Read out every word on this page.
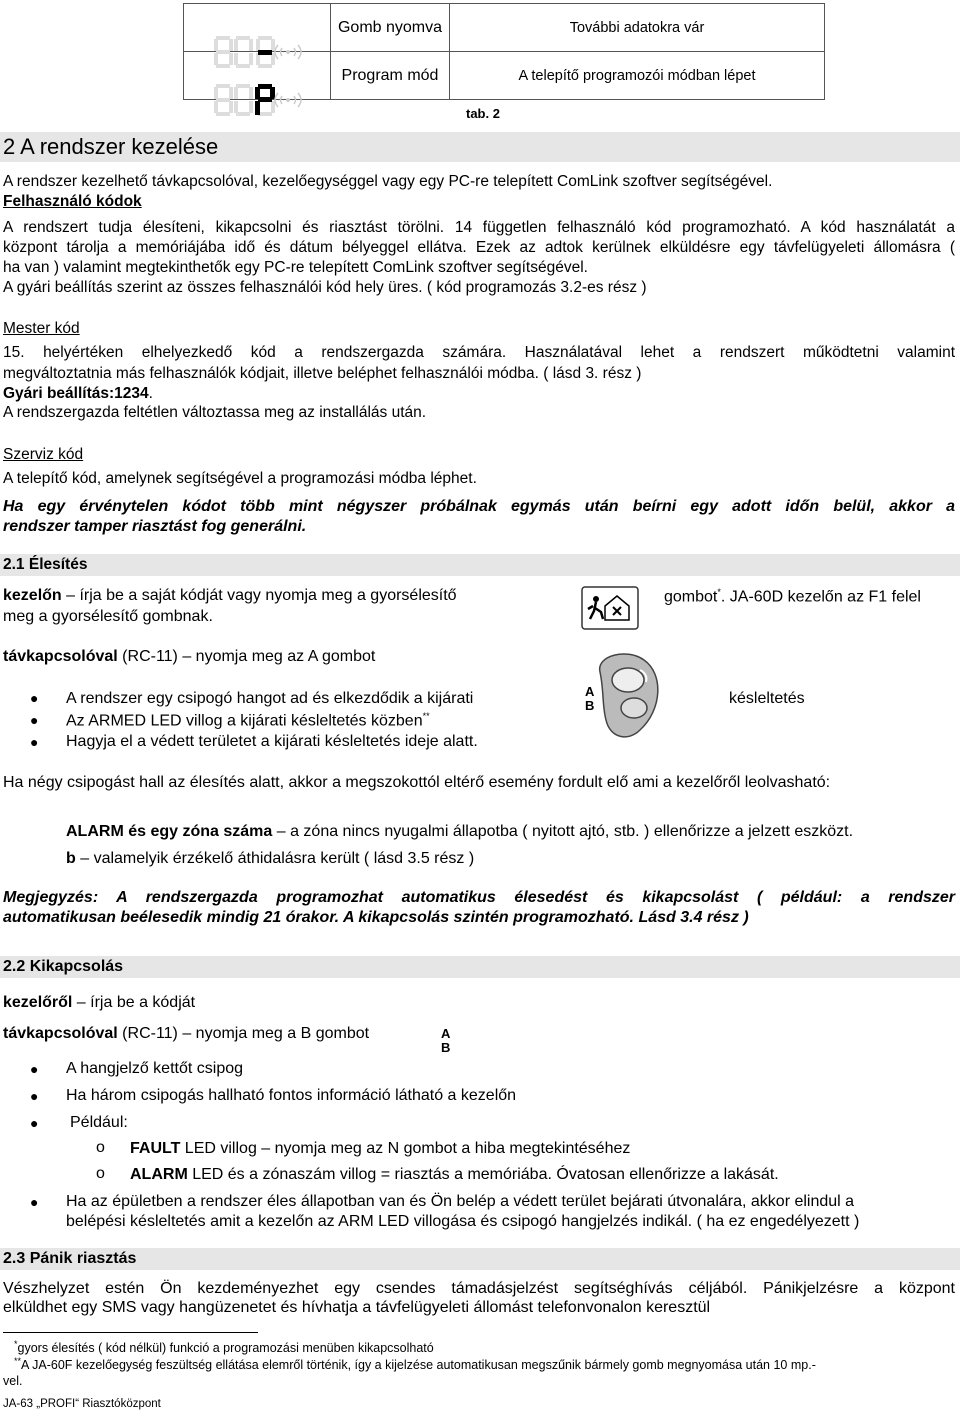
	Gomb nyomva	További adatokra vár

	Program mód	A telepítő programozói módban lépet
tab. 2
2 A rendszer kezelése
A rendszer kezelhető távkapcsolóval, kezelőegységgel vagy egy PC-re telepített ComLink szoftver segítségével.
Felhasználó kódok
A rendszert tudja élesíteni, kikapcsolni és riasztást törölni. 14 független felhasználó kód programozható. A kód használatát a
központ tárolja a memóriájába idő és dátum bélyeggel ellátva. Ezek az adtok kerülnek elküldésre egy távfelügyeleti állomásra (
ha van ) valamint megtekinthetők egy PC-re telepített ComLink szoftver segítségével.
A gyári beállítás szerint az összes felhasználói kód hely üres. ( kód programozás 3.2-es rész )
Mester kód
15. helyértéken elhelyezkedő kód a rendszergazda számára. Használatával lehet a rendszert működtetni valamint
megváltoztatnia más felhasználók kódjait, illetve beléphet felhasználói módba. ( lásd 3. rész )
Gyári beállítás:1234.
A rendszergazda feltétlen változtassa meg az installálás után.
Szerviz kód
A telepítő kód, amelynek segítségével a programozási módba léphet.
Ha egy érvénytelen kódot több mint négyszer próbálnak egymás után beírni egy adott időn belül, akkor a
rendszer tamper riasztást fog generálni.
2.1 Élesítés
kezelőn – írja be a saját kódját vagy nyomja meg a gyorsélesítő	gombot*. JA-60D kezelőn az F1 felel
meg a gyorsélesítő gombnak.
távkapcsolóval (RC-11) – nyomja meg az A gombot
A
B
● A rendszer egy csipogó hangot ad és elkezdődik a kijárati	késleltetés
● Az ARMED LED villog a kijárati késleltetés közben**
● Hagyja el a védett területet a kijárati késleltetés ideje alatt.
Ha négy csipogást hall az élesítés alatt, akkor a megszokottól eltérő esemény fordult elő ami a kezelőről leolvasható:
ALARM és egy zóna száma – a zóna nincs nyugalmi állapotba ( nyitott ajtó, stb. ) ellenőrizze a jelzett eszközt.
b – valamelyik érzékelő áthidalásra került ( lásd 3.5 rész )
Megjegyzés: A rendszergazda programozhat automatikus élesedést és kikapcsolást ( például: a rendszer
automatikusan beélesedik mindig 21 órakor. A kikapcsolás szintén programozható. Lásd 3.4 rész )
2.2 Kikapcsolás
kezelőről – írja be a kódját
távkapcsolóval (RC-11) – nyomja meg a B gombot	A
B
● A hangjelző kettőt csipog
● Ha három csipogás hallható fontos információ látható a kezelőn
● Például:
o FAULT LED villog – nyomja meg az N gombot a hiba megtekintéséhez
o ALARM LED és a zónaszám villog = riasztás a memóriába. Óvatosan ellenőrizze a lakását.
● Ha az épületben a rendszer éles állapotban van és Ön belép a védett terület bejárati útvonalára, akkor elindul a
belépési késleltetés amit a kezelőn az ARM LED villogása és csipogó hangjelzés indikál. ( ha ez engedélyezett )
2.3 Pánik riasztás
Vészhelyzet estén Ön kezdeményezhet egy csendes támadásjelzést segítséghívás céljából. Pánikjelzésre a központ
elküldhet egy SMS vagy hangüzenetet és hívhatja a távfelügyeleti állomást telefonvonalon keresztül
*gyors élesítés ( kód nélkül) funkció a programozási menüben kikapcsolható
**A JA-60F kezelőegység feszültség ellátása elemről történik, így a kijelzése automatikusan megszűnik bármely gomb megnyomása után 10 mp.-
vel.
JA-63 „PROFI“ Riasztóközpont
